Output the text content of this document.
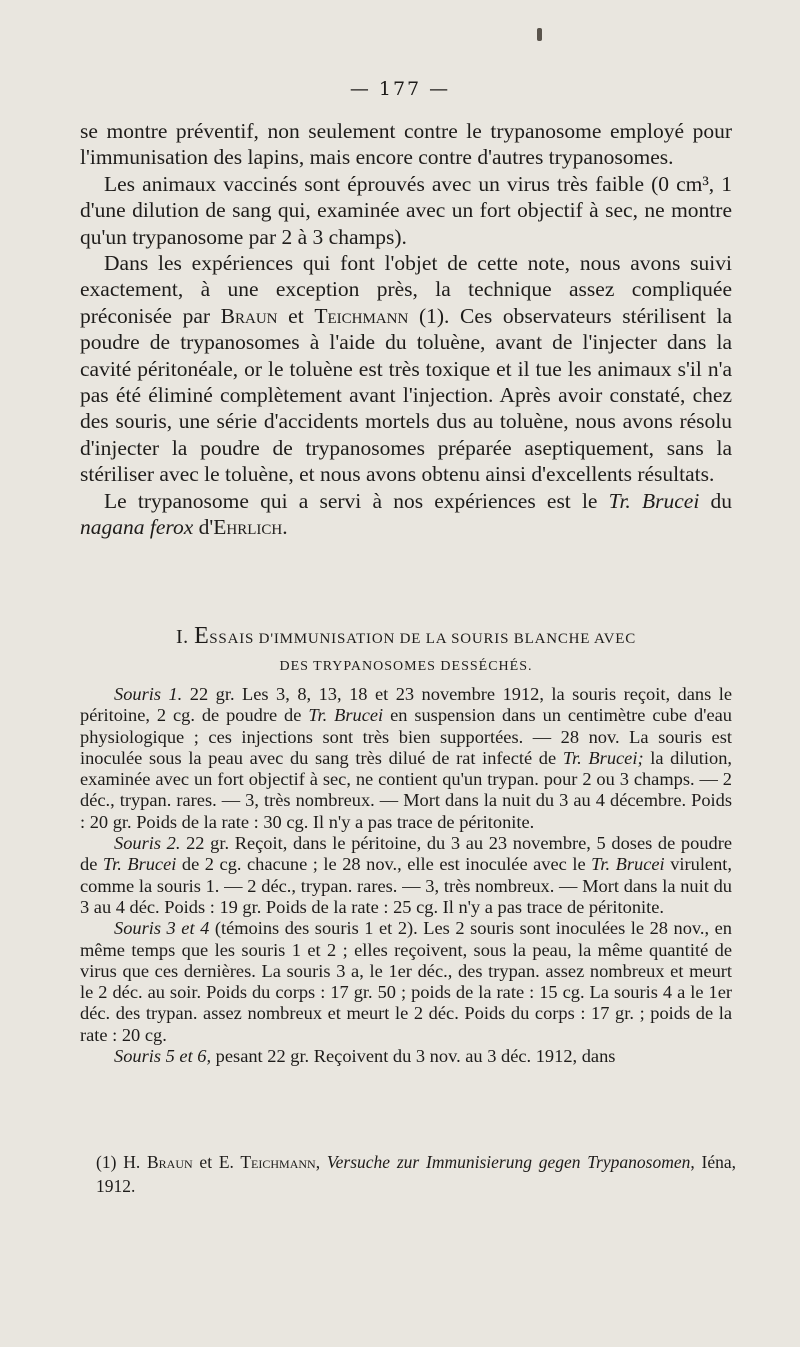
— 177 —

se montre préventif, non seulement contre le trypanosome employé pour l'immunisation des lapins, mais encore contre d'autres trypanosomes.

Les animaux vaccinés sont éprouvés avec un virus très faible (0 cm³, 1 d'une dilution de sang qui, examinée avec un fort objectif à sec, ne montre qu'un trypanosome par 2 à 3 champs).

Dans les expériences qui font l'objet de cette note, nous avons suivi exactement, à une exception près, la technique assez compliquée préconisée par Braun et Teichmann (1). Ces observateurs stérilisent la poudre de trypanosomes à l'aide du toluène, avant de l'injecter dans la cavité péritonéale, or le toluène est très toxique et il tue les animaux s'il n'a pas été éliminé complètement avant l'injection. Après avoir constaté, chez des souris, une série d'accidents mortels dus au toluène, nous avons résolu d'injecter la poudre de trypanosomes préparée aseptiquement, sans la stériliser avec le toluène, et nous avons obtenu ainsi d'excellents résultats.

Le trypanosome qui a servi à nos expériences est le Tr. Brucei du nagana ferox d'Ehrlich.

I. ESSAIS D'IMMUNISATION DE LA SOURIS BLANCHE AVEC
DES TRYPANOSOMES DESSÉCHÉS.

Souris 1. 22 gr. Les 3, 8, 13, 18 et 23 novembre 1912, la souris reçoit, dans le péritoine, 2 cg. de poudre de Tr. Brucei en suspension dans un centimètre cube d'eau physiologique ; ces injections sont très bien supportées. — 28 nov. La souris est inoculée sous la peau avec du sang très dilué de rat infecté de Tr. Brucei; la dilution, examinée avec un fort objectif à sec, ne contient qu'un trypan. pour 2 ou 3 champs. — 2 déc., trypan. rares. — 3, très nombreux. — Mort dans la nuit du 3 au 4 décembre. Poids : 20 gr. Poids de la rate : 30 cg. Il n'y a pas trace de péritonite.

Souris 2. 22 gr. Reçoit, dans le péritoine, du 3 au 23 novembre, 5 doses de poudre de Tr. Brucei de 2 cg. chacune ; le 28 nov., elle est inoculée avec le Tr. Brucei virulent, comme la souris 1. — 2 déc., trypan. rares. — 3, très nombreux. — Mort dans la nuit du 3 au 4 déc. Poids : 19 gr. Poids de la rate : 25 cg. Il n'y a pas trace de péritonite.

Souris 3 et 4 (témoins des souris 1 et 2). Les 2 souris sont inoculées le 28 nov., en même temps que les souris 1 et 2 ; elles reçoivent, sous la peau, la même quantité de virus que ces dernières. La souris 3 a, le 1er déc., des trypan. assez nombreux et meurt le 2 déc. au soir. Poids du corps : 17 gr. 50 ; poids de la rate : 15 cg. La souris 4 a le 1er déc. des trypan. assez nombreux et meurt le 2 déc. Poids du corps : 17 gr. ; poids de la rate : 20 cg.

Souris 5 et 6, pesant 22 gr. Reçoivent du 3 nov. au 3 déc. 1912, dans

(1) H. Braun et E. Teichmann, Versuche zur Immunisierung gegen Trypanosomen, Iéna, 1912.
